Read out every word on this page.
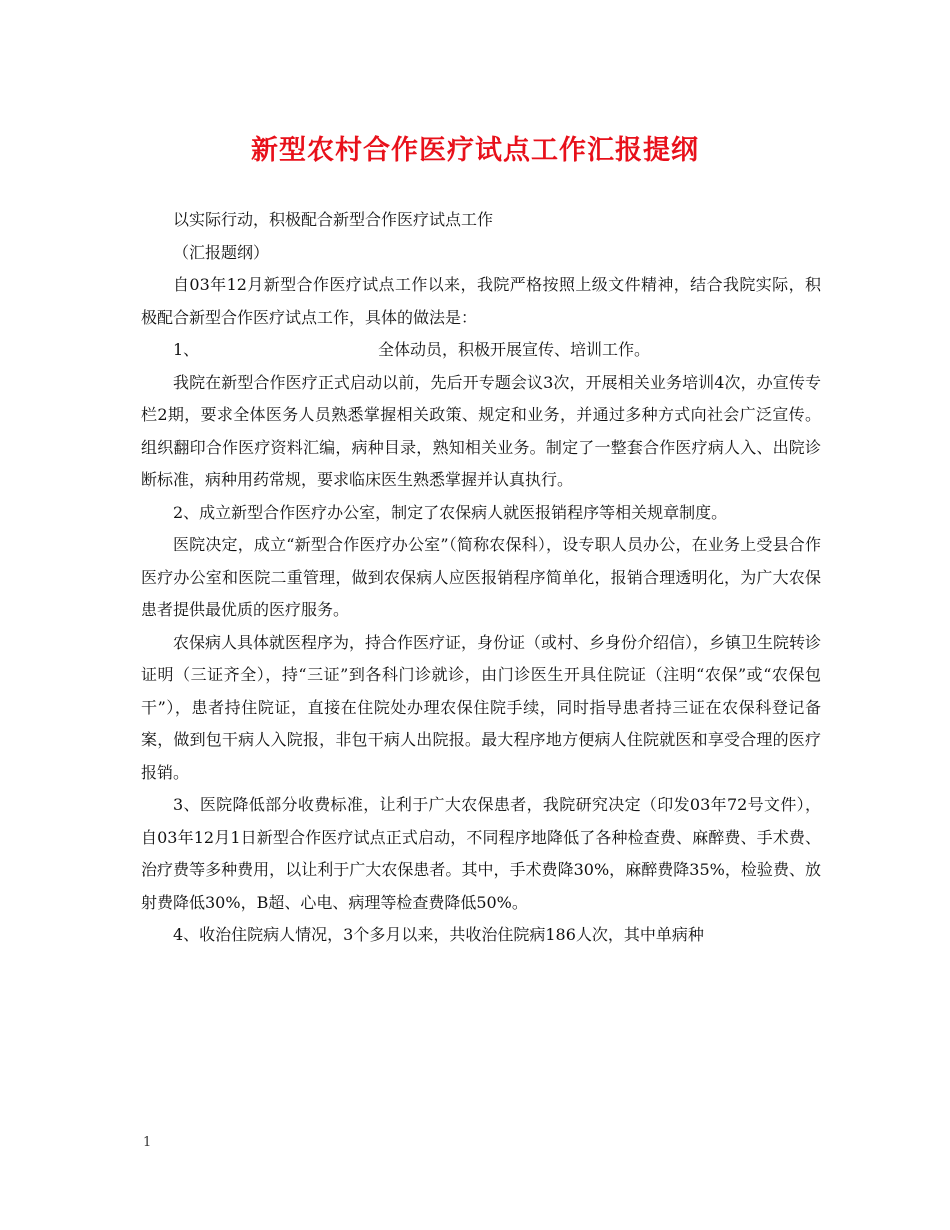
新型农村合作医疗试点工作汇报提纲

以实际行动，积极配合新型合作医疗试点工作

（汇报题纲）

自03年12月新型合作医疗试点工作以来，我院严格按照上级文件精神，结合我院实际，积极配合新型合作医疗试点工作，具体的做法是：

1、	全体动员，积极开展宣传、培训工作。

我院在新型合作医疗正式启动以前，先后开专题会议3次，开展相关业务培训4次，办宣传专栏2期，要求全体医务人员熟悉掌握相关政策、规定和业务，并通过多种方式向社会广泛宣传。组织翻印合作医疗资料汇编，病种目录，熟知相关业务。制定了一整套合作医疗病人入、出院诊断标准，病种用药常规，要求临床医生熟悉掌握并认真执行。

2、成立新型合作医疗办公室，制定了农保病人就医报销程序等相关规章制度。

医院决定，成立“新型合作医疗办公室”（简称农保科），设专职人员办公，在业务上受县合作医疗办公室和医院二重管理，做到农保病人应医报销程序简单化，报销合理透明化，为广大农保患者提供最优质的医疗服务。

农保病人具体就医程序为，持合作医疗证，身份证（或村、乡身份介绍信），乡镇卫生院转诊证明（三证齐全），持“三证”到各科门诊就诊，由门诊医生开具住院证（注明“农保”或“农保包干”），患者持住院证，直接在住院处办理农保住院手续，同时指导患者持三证在农保科登记备案，做到包干病人入院报，非包干病人出院报。最大程序地方便病人住院就医和享受合理的医疗报销。

3、医院降低部分收费标准，让利于广大农保患者，我院研究决定（印发03年72号文件），自03年12月1日新型合作医疗试点正式启动，不同程序地降低了各种检查费、麻醉费、手术费、治疗费等多种费用，以让利于广大农保患者。其中，手术费降30%，麻醉费降35%，检验费、放射费降低30%，B超、心电、病理等检查费降低50%。

4、收治住院病人情况，3个多月以来，共收治住院病186人次，其中单病种

1
